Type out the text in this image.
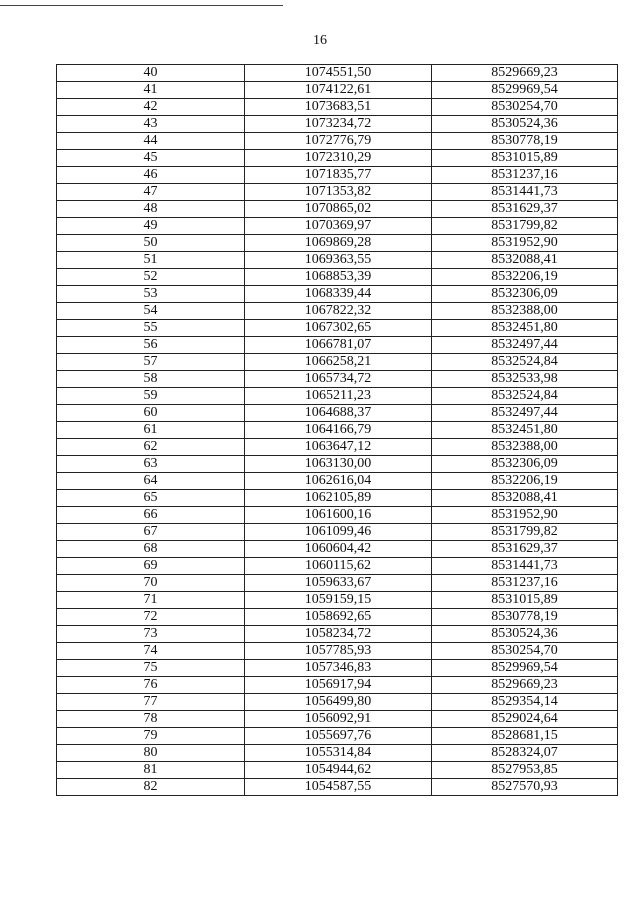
16
40	1074551,50	8529669,23
41	1074122,61	8529969,54
42	1073683,51	8530254,70
43	1073234,72	8530524,36
44	1072776,79	8530778,19
45	1072310,29	8531015,89
46	1071835,77	8531237,16
47	1071353,82	8531441,73
48	1070865,02	8531629,37
49	1070369,97	8531799,82
50	1069869,28	8531952,90
51	1069363,55	8532088,41
52	1068853,39	8532206,19
53	1068339,44	8532306,09
54	1067822,32	8532388,00
55	1067302,65	8532451,80
56	1066781,07	8532497,44
57	1066258,21	8532524,84
58	1065734,72	8532533,98
59	1065211,23	8532524,84
60	1064688,37	8532497,44
61	1064166,79	8532451,80
62	1063647,12	8532388,00
63	1063130,00	8532306,09
64	1062616,04	8532206,19
65	1062105,89	8532088,41
66	1061600,16	8531952,90
67	1061099,46	8531799,82
68	1060604,42	8531629,37
69	1060115,62	8531441,73
70	1059633,67	8531237,16
71	1059159,15	8531015,89
72	1058692,65	8530778,19
73	1058234,72	8530524,36
74	1057785,93	8530254,70
75	1057346,83	8529969,54
76	1056917,94	8529669,23
77	1056499,80	8529354,14
78	1056092,91	8529024,64
79	1055697,76	8528681,15
80	1055314,84	8528324,07
81	1054944,62	8527953,85
82	1054587,55	8527570,93
